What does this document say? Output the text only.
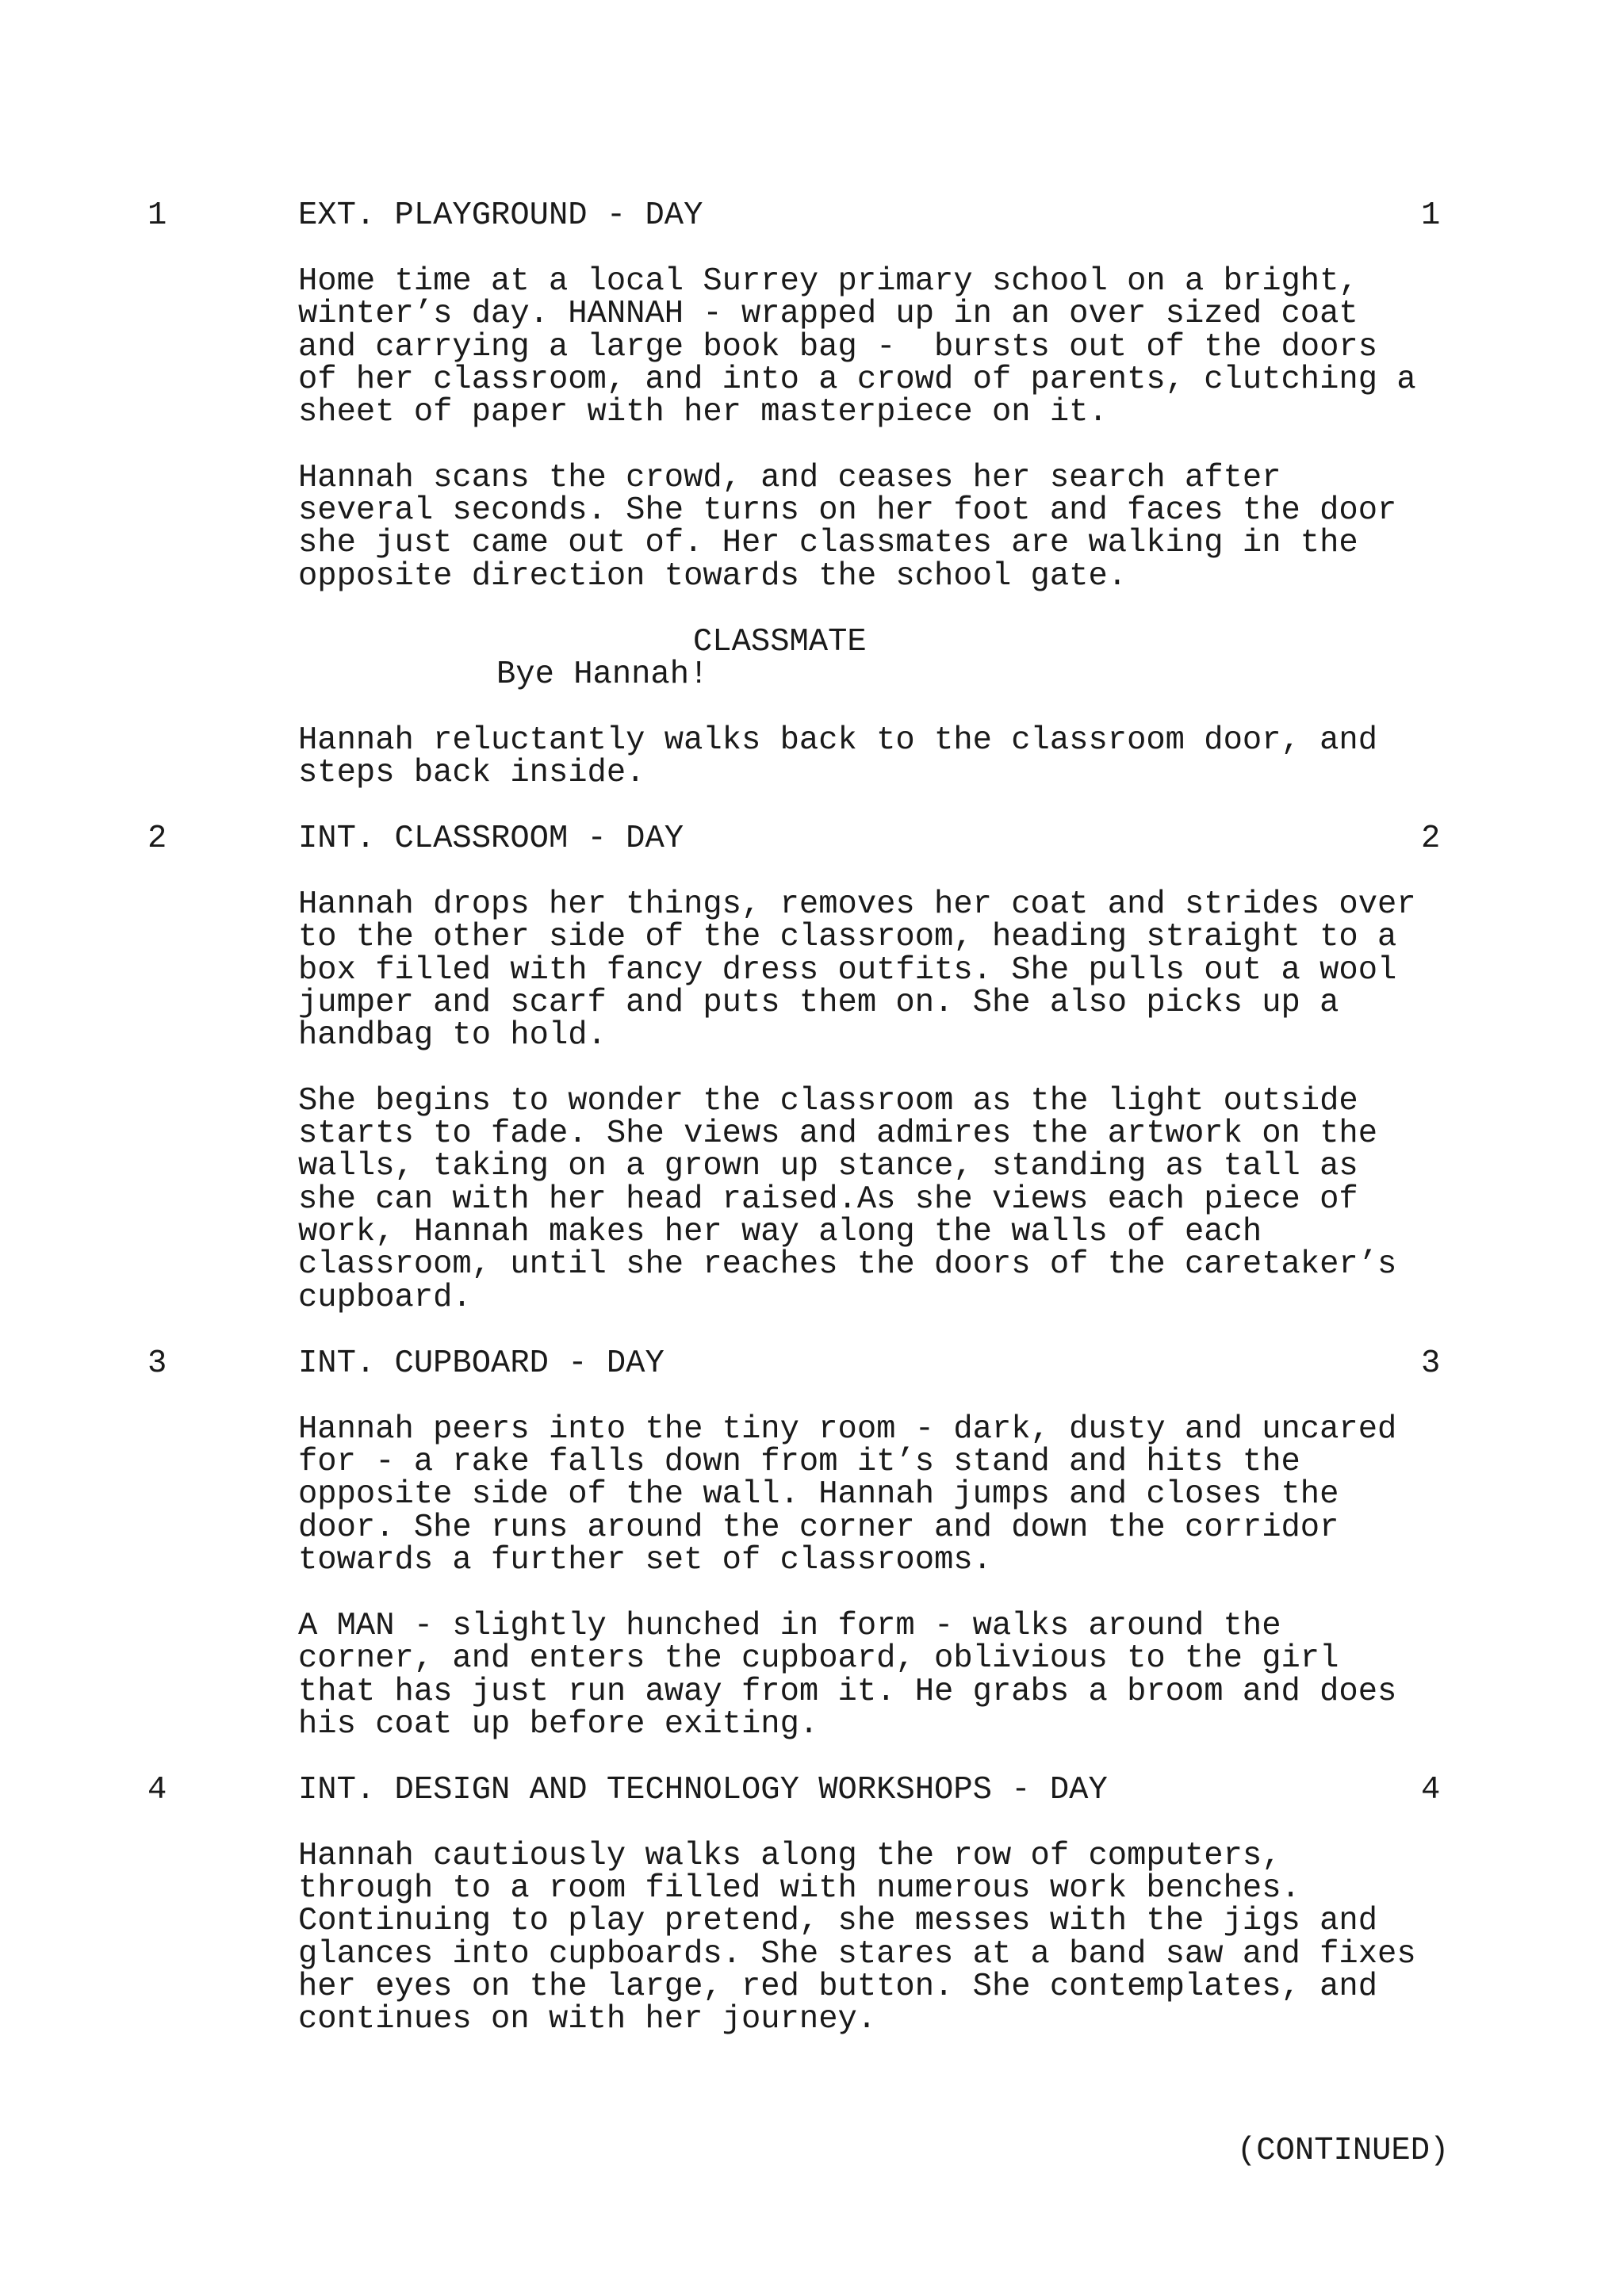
1	EXT. PLAYGROUND - DAY	1
Home time at a local Surrey primary school on a bright,
winter’s day. HANNAH - wrapped up in an over sized coat
and carrying a large book bag -  bursts out of the doors
of her classroom, and into a crowd of parents, clutching a
sheet of paper with her masterpiece on it.
Hannah scans the crowd, and ceases her search after
several seconds. She turns on her foot and faces the door
she just came out of. Her classmates are walking in the
opposite direction towards the school gate.
CLASSMATE
Bye Hannah!
Hannah reluctantly walks back to the classroom door, and
steps back inside.
2	INT. CLASSROOM - DAY	2
Hannah drops her things, removes her coat and strides over
to the other side of the classroom, heading straight to a
box filled with fancy dress outfits. She pulls out a wool
jumper and scarf and puts them on. She also picks up a
handbag to hold.
She begins to wonder the classroom as the light outside
starts to fade. She views and admires the artwork on the
walls, taking on a grown up stance, standing as tall as
she can with her head raised.As she views each piece of
work, Hannah makes her way along the walls of each
classroom, until she reaches the doors of the caretaker’s
cupboard.
3	INT. CUPBOARD - DAY	3
Hannah peers into the tiny room - dark, dusty and uncared
for - a rake falls down from it’s stand and hits the
opposite side of the wall. Hannah jumps and closes the
door. She runs around the corner and down the corridor
towards a further set of classrooms.
A MAN - slightly hunched in form - walks around the
corner, and enters the cupboard, oblivious to the girl
that has just run away from it. He grabs a broom and does
his coat up before exiting.
4	INT. DESIGN AND TECHNOLOGY WORKSHOPS - DAY	4
Hannah cautiously walks along the row of computers,
through to a room filled with numerous work benches.
Continuing to play pretend, she messes with the jigs and
glances into cupboards. She stares at a band saw and fixes
her eyes on the large, red button. She contemplates, and
continues on with her journey.
(CONTINUED)
